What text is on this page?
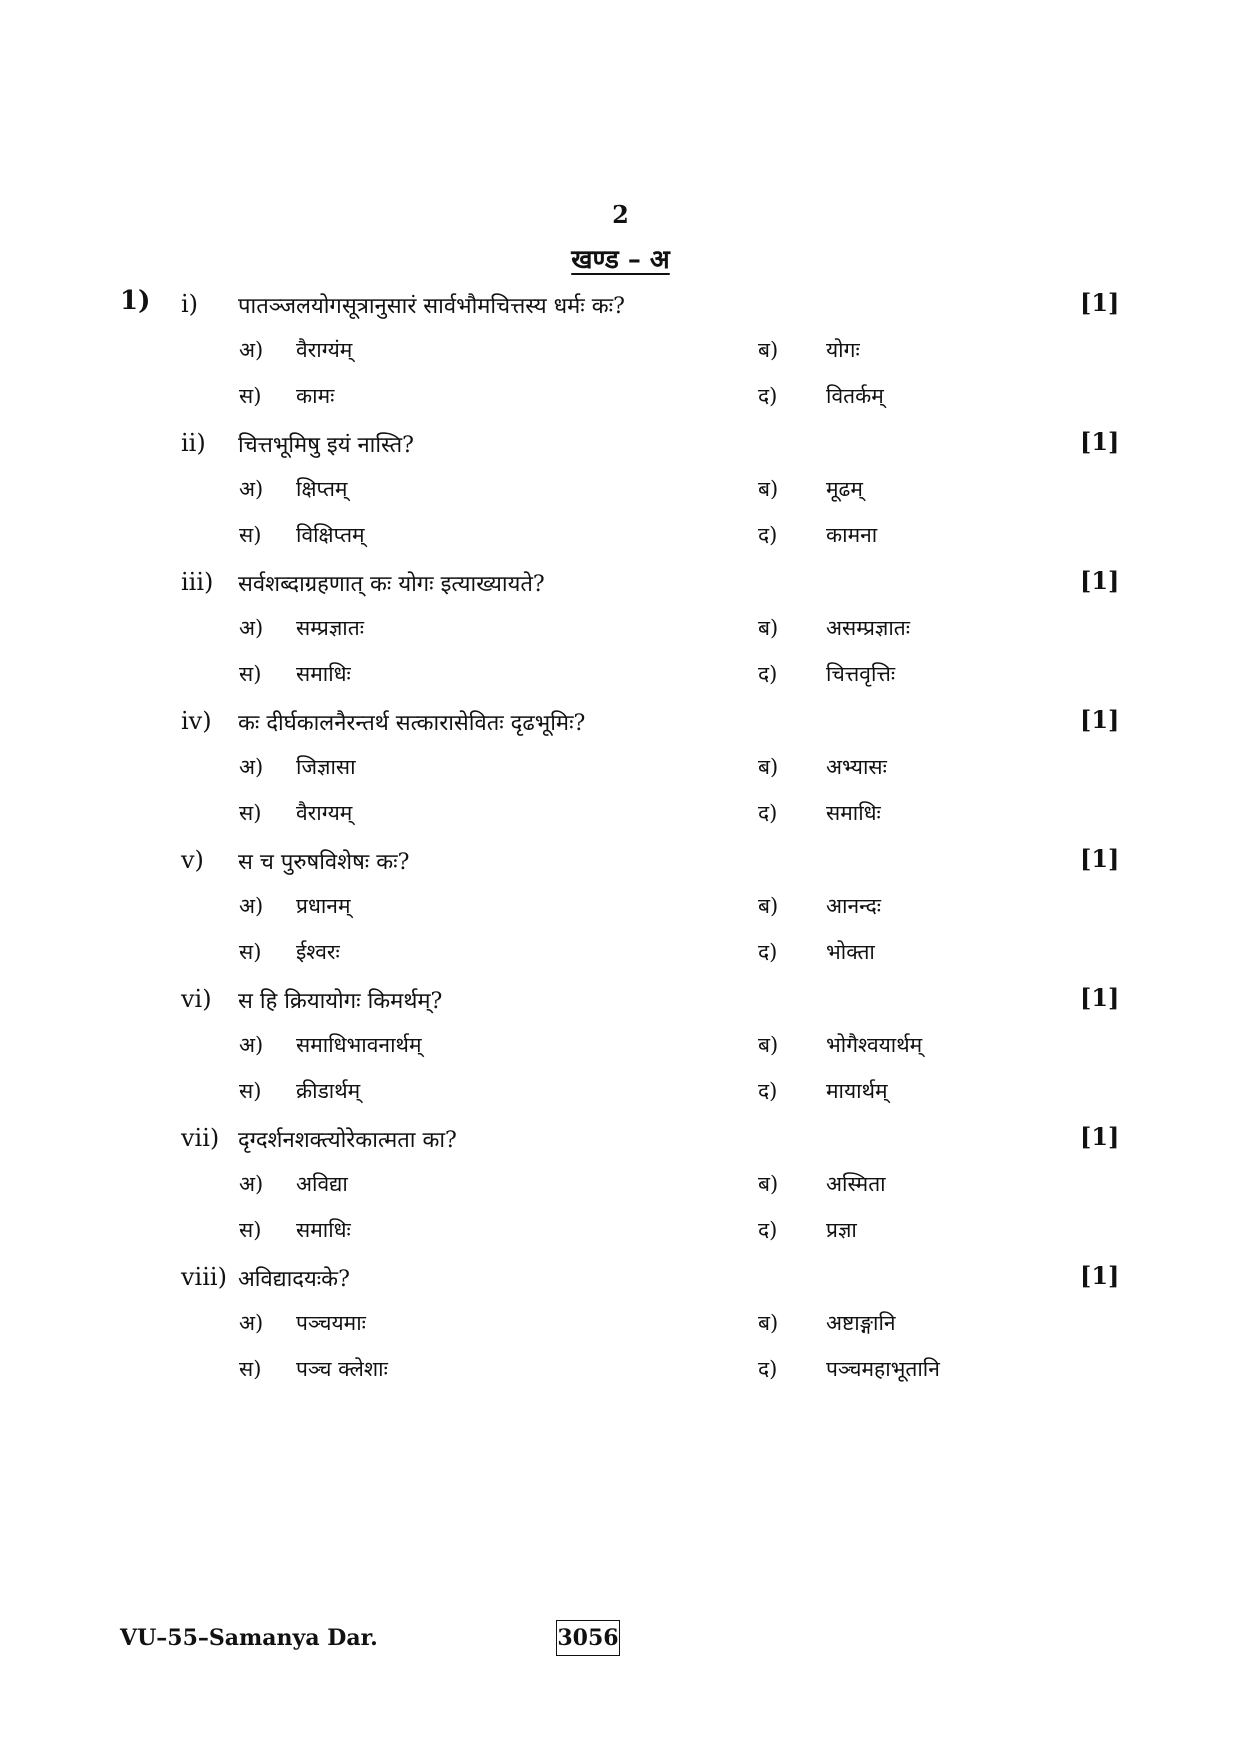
2
खण्ड – अ
1) i) पातञ्जलयोगसूत्रानुसारं सार्वभौमचित्तस्य धर्मः कः?	[1]
अ) वैराग्यंम्	ब) योगः
स) कामः	द) वितर्कम्
ii) चित्तभूमिषु इयं नास्ति?	[1]
अ) क्षिप्तम्	ब) मूढम्
स) विक्षिप्तम्	द) कामना
iii) सर्वशब्दाग्रहणात् कः योगः इत्याख्यायते?	[1]
अ) सम्प्रज्ञातः	ब) असम्प्रज्ञातः
स) समाधिः	द) चित्तवृत्तिः
iv) कः दीर्घकालनैरन्तर्थ सत्कारासेवितः दृढभूमिः?	[1]
अ) जिज्ञासा	ब) अभ्यासः
स) वैराग्यम्	द) समाधिः
v) स च पुरुषविशेषः कः?	[1]
अ) प्रधानम्	ब) आनन्दः
स) ईश्वरः	द) भोक्ता
vi) स हि क्रियायोगः किमर्थम्?	[1]
अ) समाधिभावनार्थम्	ब) भोगैश्वयार्थम्
स) क्रीडार्थम्	द) मायार्थम्
vii) दृग्दर्शनशक्त्योरेकात्मता का?	[1]
अ) अविद्या	ब) अस्मिता
स) समाधिः	द) प्रज्ञा
viii) अविद्यादयःके?	[1]
अ) पञ्चयमाः	ब) अष्टाङ्गानि
स) पञ्च क्लेशाः	द) पञ्चमहाभूतानि
VU–55–Samanya Dar.	3056
